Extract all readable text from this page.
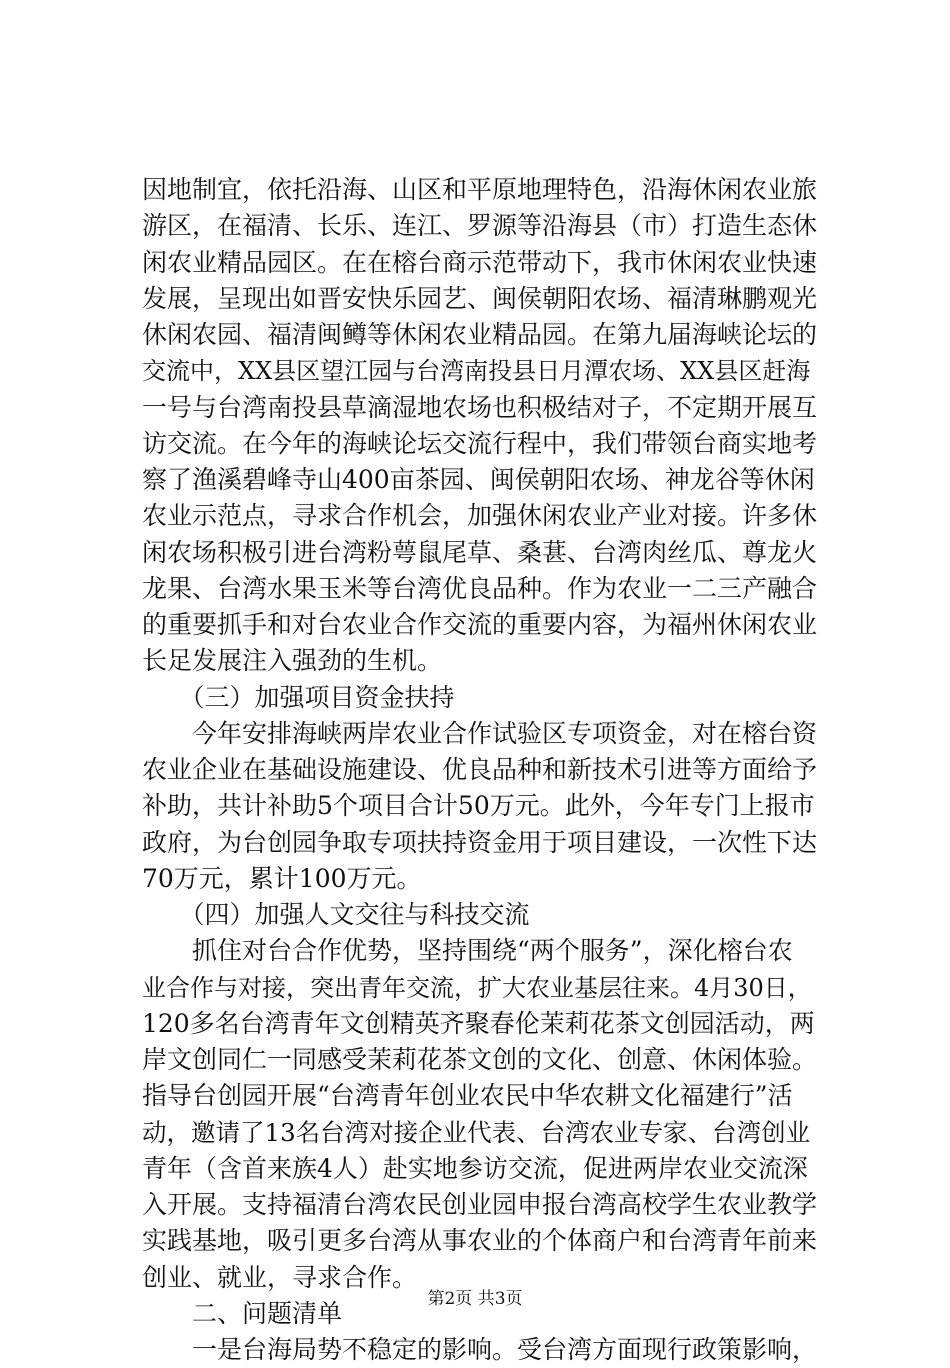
因地制宜，依托沿海、山区和平原地理特色，沿海休闲农业旅
游区，在福清、长乐、连江、罗源等沿海县（市）打造生态休
闲农业精品园区。在在榕台商示范带动下，我市休闲农业快速
发展，呈现出如晋安快乐园艺、闽侯朝阳农场、福清琳鹏观光
休闲农园、福清闽鳟等休闲农业精品园。在第九届海峡论坛的
交流中，XX县区望江园与台湾南投县日月潭农场、XX县区赶海
一号与台湾南投县草滴湿地农场也积极结对子，不定期开展互
访交流。在今年的海峡论坛交流行程中，我们带领台商实地考
察了渔溪碧峰寺山400亩茶园、闽侯朝阳农场、神龙谷等休闲
农业示范点，寻求合作机会，加强休闲农业产业对接。许多休
闲农场积极引进台湾粉萼鼠尾草、桑葚、台湾肉丝瓜、尊龙火
龙果、台湾水果玉米等台湾优良品种。作为农业一二三产融合
的重要抓手和对台农业合作交流的重要内容，为福州休闲农业
长足发展注入强劲的生机。
　　（三）加强项目资金扶持
　　今年安排海峡两岸农业合作试验区专项资金，对在榕台资
农业企业在基础设施建设、优良品种和新技术引进等方面给予
补助，共计补助5个项目合计50万元。此外，今年专门上报市
政府，为台创园争取专项扶持资金用于项目建设，一次性下达
70万元，累计100万元。
　　（四）加强人文交往与科技交流
　　抓住对台合作优势，坚持围绕“两个服务”，深化榕台农
业合作与对接，突出青年交流，扩大农业基层往来。4月30日，
120多名台湾青年文创精英齐聚春伦茉莉花茶文创园活动，两
岸文创同仁一同感受茉莉花茶文创的文化、创意、休闲体验。
指导台创园开展“台湾青年创业农民中华农耕文化福建行”活
动，邀请了13名台湾对接企业代表、台湾农业专家、台湾创业
青年（含首来族4人）赴实地参访交流，促进两岸农业交流深
入开展。支持福清台湾农民创业园申报台湾高校学生农业教学
实践基地，吸引更多台湾从事农业的个体商户和台湾青年前来
创业、就业，寻求合作。
　　二、问题清单
　　一是台海局势不稳定的影响。受台湾方面现行政策影响，
第2页 共3页
